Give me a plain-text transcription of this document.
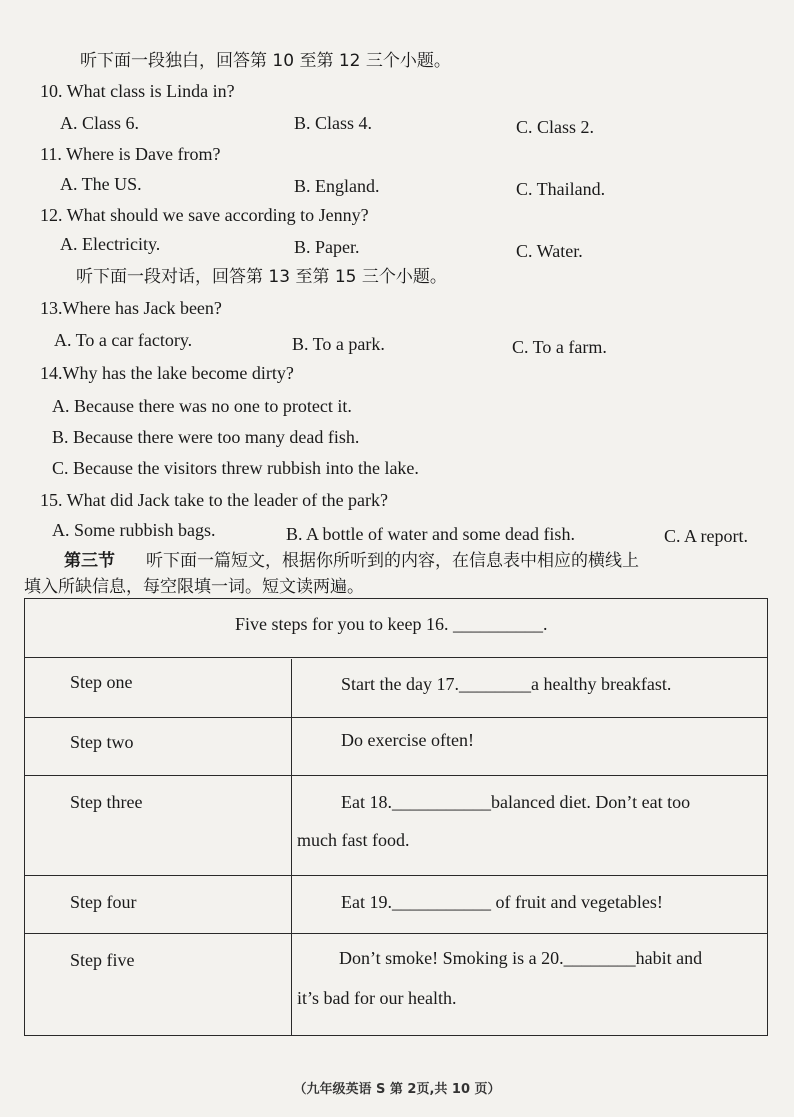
听下面一段独白，回答第 10 至第 12 三个小题。
10. What class is Linda in?
A. Class 6.	B. Class 4.	C. Class 2.
11. Where is Dave from?
A. The US.	B. England.	C. Thailand.
12. What should we save according to Jenny?
A. Electricity.	B. Paper.	C. Water.
听下面一段对话，回答第 13 至第 15 三个小题。
13.Where has Jack been?
A. To a car factory.	B. To a park.	C. To a farm.
14.Why has the lake become dirty?
A. Because there was no one to protect it.
B. Because there were too many dead fish.
C. Because the visitors threw rubbish into the lake.
15. What did Jack take to the leader of the park?
A. Some rubbish bags.	B. A bottle of water and some dead fish.	C. A report.
第三节 听下面一篇短文，根据你所听到的内容，在信息表中相应的横线上
填入所缺信息，每空限填一词。短文读两遍。
Five steps for you to keep 16. __________.
Step one	Start the day 17.________a healthy breakfast.
Step two	Do exercise often!
Step three	Eat 18.___________balanced diet. Don’t eat too
much fast food.
Step four	Eat 19.___________ of fruit and vegetables!
Step five	Don’t smoke! Smoking is a 20.________habit and
it’s bad for our health.
（九年级英语 S 第 2页,共 10 页）
